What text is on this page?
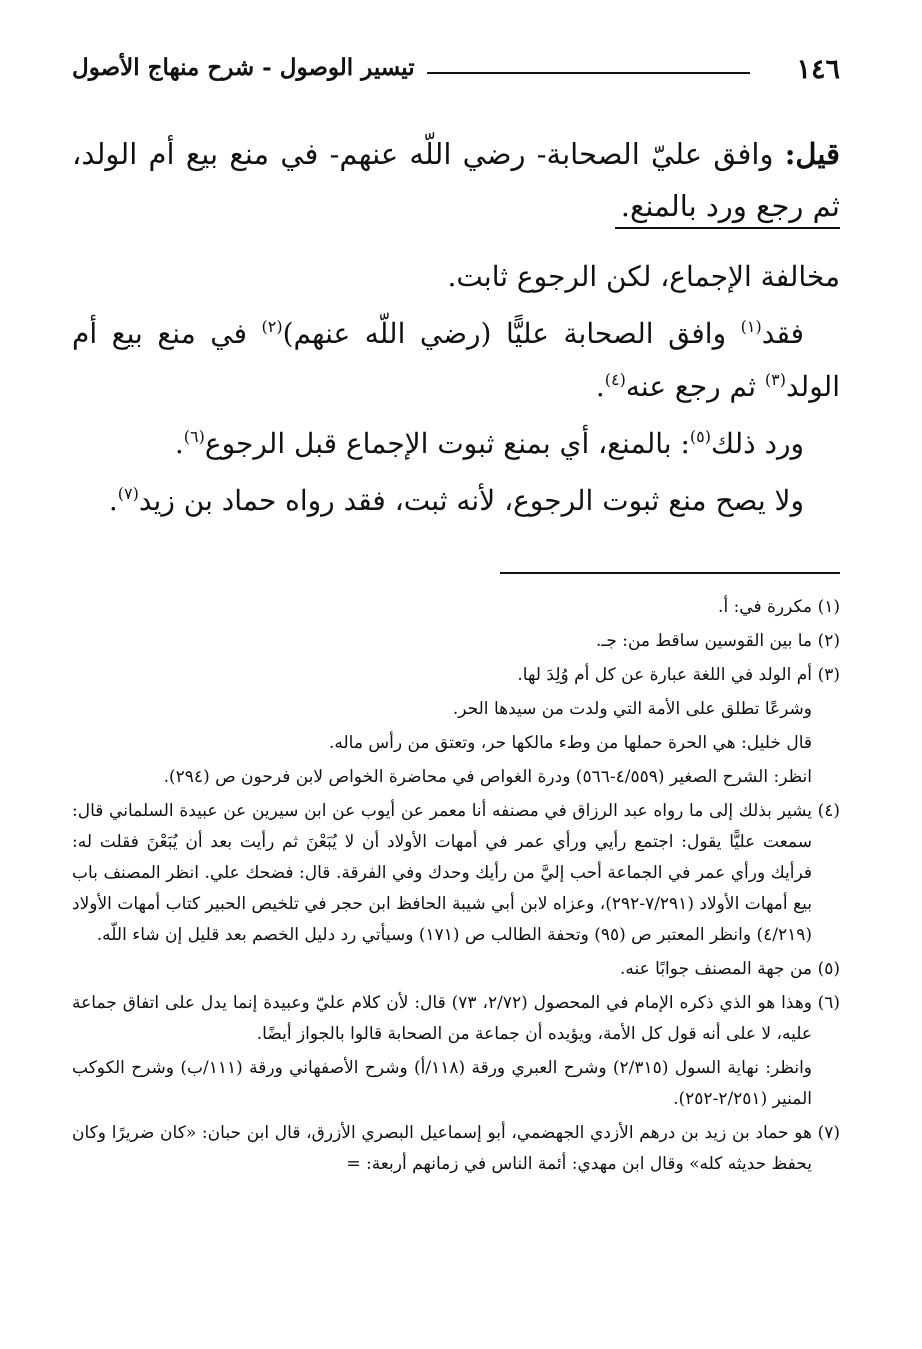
١٤٦
تيسير الوصول - شرح منهاج الأصول
قيل: وافق عليّ الصحابة- رضي اللّه عنهم- في منع بيع أم الولد، ثم رجع ورد بالمنع.

مخالفة الإجماع، لكن الرجوع ثابت.

فقد$^{(١)}$ وافق الصحابة عليًّا (رضي اللّه عنهم)$^{(٢)}$ في منع بيع أم الولد$^{(٣)}$ ثم رجع عنه$^{(٤)}$.

ورد ذلك$^{(٥)}$: بالمنع، أي بمنع ثبوت الإجماع قبل الرجوع$^{(٦)}$.

ولا يصح منع ثبوت الرجوع، لأنه ثبت، فقد رواه حماد بن زيد$^{(٧)}$.

(١)مكررة في: أ.

(٢)ما بين القوسين ساقط من: جـ.

(٣)أم الولد في اللغة عبارة عن كل أم وُلِدَ لها.

وشرعًا تطلق على الأمة التي ولدت من سيدها الحر.

قال خليل: هي الحرة حملها من وطء مالكها حر، وتعتق من رأس ماله.

انظر: الشرح الصغير (٤/٥٥٩-٥٦٦) ودرة الغواص في محاضرة الخواص لابن فرحون ص (٢٩٤).

(٤)يشير بذلك إلى ما رواه عبد الرزاق في مصنفه أنا معمر عن أيوب عن ابن سيرين عن عبيدة السلماني قال: سمعت عليًّا يقول: اجتمع رأيي ورأي عمر في أمهات الأولاد أن لا يُبَعْنَ ثم رأيت بعد أن يُبَعْنَ فقلت له: فرأيك ورأي عمر في الجماعة أحب إليَّ من رأيك وحدك وفي الفرقة. قال: فضحك علي. انظر المصنف باب بيع أمهات الأولاد (٧/٢٩١-٢٩٢)، وعزاه لابن أبي شيبة الحافظ ابن حجر في تلخيص الحبير كتاب أمهات الأولاد (٤/٢١٩) وانظر المعتبر ص (٩٥) وتحفة الطالب ص (١٧١) وسيأتي رد دليل الخصم بعد قليل إن شاء اللّه.

(٥)من جهة المصنف جوابًا عنه.

(٦)وهذا هو الذي ذكره الإمام في المحصول (٢/٧٢، ٧٣) قال: لأن كلام عليّ وعبيدة إنما يدل على اتفاق جماعة عليه، لا على أنه قول كل الأمة، ويؤيده أن جماعة من الصحابة قالوا بالجواز أيضًا.

وانظر: نهاية السول (٢/٣١٥) وشرح العبري ورقة (١١٨/أ) وشرح الأصفهاني ورقة (١١١/ب) وشرح الكوكب المنير (٢/٢٥١-٢٥٢).

(٧)هو حماد بن زيد بن درهم الأزدي الجهضمي، أبو إسماعيل البصري الأزرق، قال ابن حبان: «كان ضريرًا وكان يحفظ حديثه كله» وقال ابن مهدي: أئمة الناس في زمانهم أربعة: =
